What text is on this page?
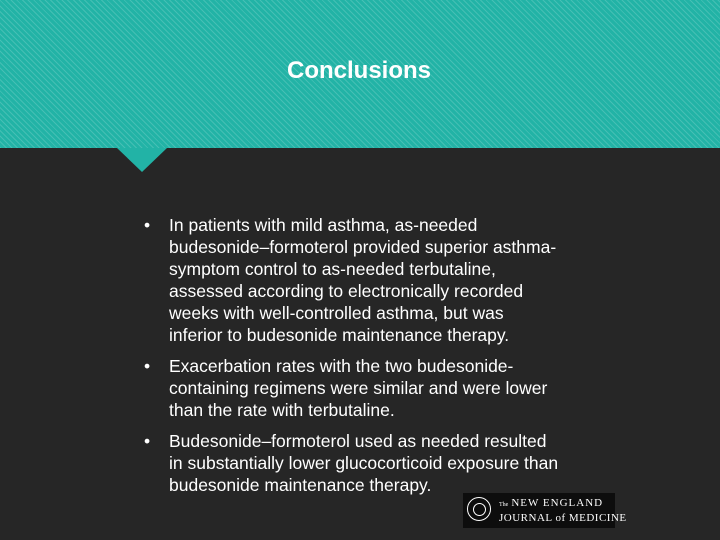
Conclusions
• In patients with mild asthma, as-needed budesonide–formoterol provided superior asthma-symptom control to as-needed terbutaline, assessed according to electronically recorded weeks with well-controlled asthma, but was inferior to budesonide maintenance therapy.
• Exacerbation rates with the two budesonide-containing regimens were similar and were lower than the rate with terbutaline.
• Budesonide–formoterol used as needed resulted in substantially lower glucocorticoid exposure than budesonide maintenance therapy.
The NEW ENGLAND
JOURNAL of MEDICINE
